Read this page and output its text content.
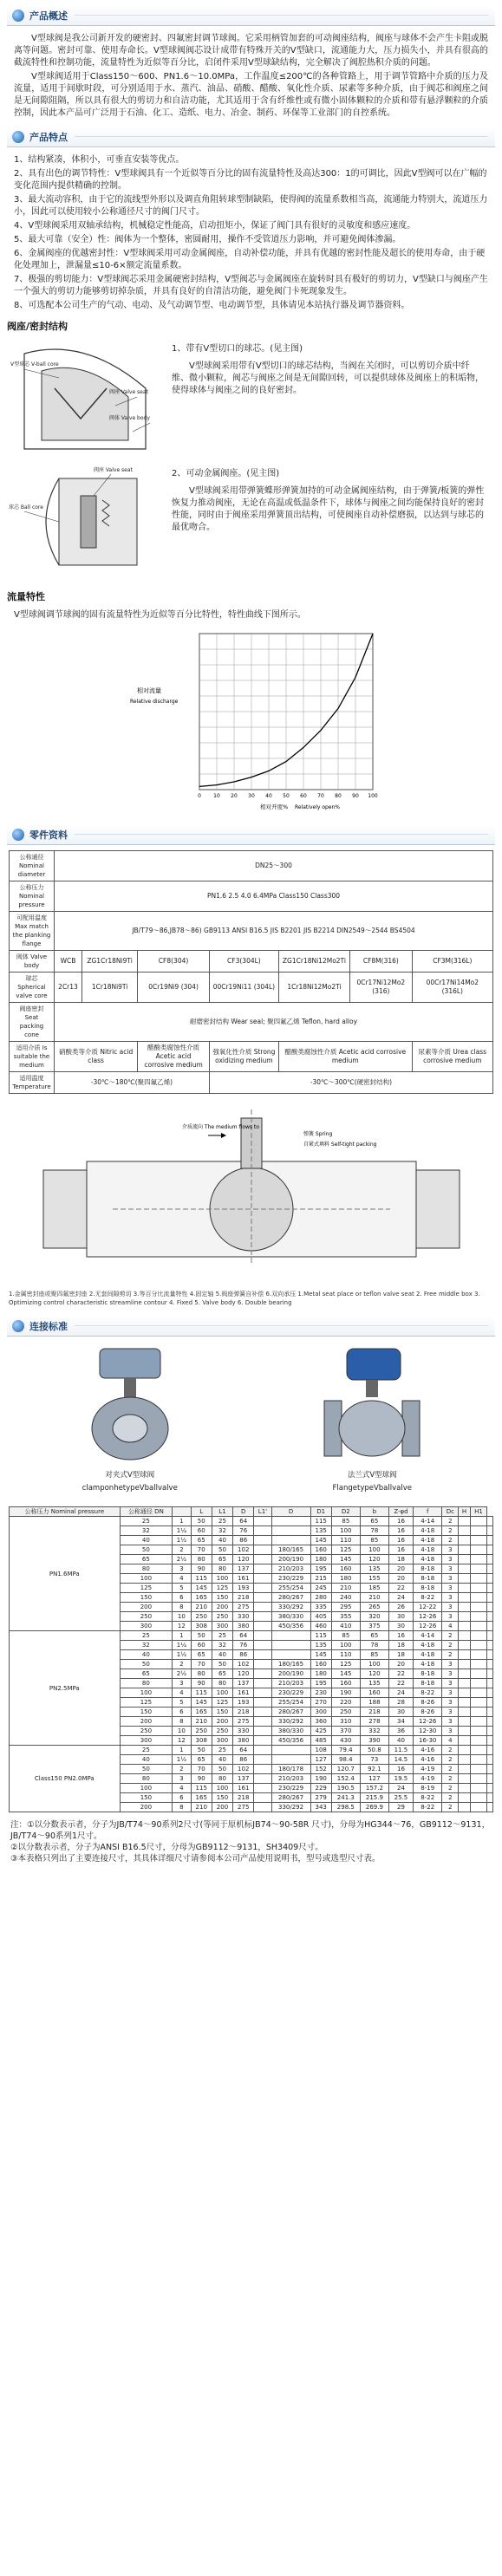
产品概述

V型球阀是我公司新开发的硬密封、四氟密封调节球阀。它采用柄管加套的可动阀座结构，阀座与球体不会产生卡阻或脱离等问题。密封可靠、使用寿命长。V型球阀阀芯设计成带有特殊开关的V型缺口，流通能力大，压力损失小，并具有很高的截流特性和控制功能，流量特性为近似等百分比，启闭件采用V型球缺结构，完全解决了阀腔热积介质的问题。

V型球阀适用于Class150～600、PN1.6～10.0MPa，工作温度≤200℃的各种管路上，用于调节管路中介质的压力及流量，适用于间歇时段，可分别适用于水、蒸汽、油品、硝酸、醋酸、氧化性介质、尿素等多种介质，由于阀芯和阀座之间是无间隙阻隔，所以具有很大的剪切力和自洁功能，尤其适用于含有纤维性或有微小固体颗粒的介质和带有悬浮颗粒的介质控制，因此本产品可广泛用于石油、化工、造纸、电力、冶金、制药、环保等工业部门的自控系统。

产品特点
1、结构紧凑，体积小，可垂直安装等优点。
2、具有出色的调节特性：V型球阀具有一个近似等百分比的固有流量特性及高达300：1的可调比，因此V型阀可以在广幅的变化范围内提供精确的控制。
3、最大流动容积，由于它的流线型外形以及调直角阻转球型制缺陷，使得阀的流量系数相当高，流通能力特别大，流道压力小，因此可以使用较小公称通径尺寸的阀门尺寸。
4、V型球阀采用双轴承结构，机械稳定性能高，启动扭矩小，保证了阀门具有很好的灵敏度和感应速度。
5、最大可靠（安全）性：阀体为一个整体，密圆耐用，操作不受管道压力影响，并可避免阀体渗漏。
6、金属阀座的优越密封性：V型球阀采用可动金属阀座，自动补偿功能，并具有优越的密封性能及超长的使用寿命，由于硬化处理加上，泄漏量≤10-6×额定流量系数。
7、极强的剪切能力：V型球阀芯采用金属硬密封结构，V型阀芯与金属阀座在旋转时具有极好的剪切力，V型缺口与阀座产生一个强大的剪切力能够剪切掉杂质，并具有良好的自清洁功能，避免阀门卡死现象发生。
8、可选配本公司生产的气动、电动、及气动调节型、电动调节型，具体请见本站执行器及调节器资料。
阀座/密封结构
V型球芯 V-ball core
阀座 Valve seat
阀体 Valve body
1、带有V型切口的球芯。(见主图)
V型球阀采用带有V型切口的球芯结构，当阀在关闭时，可以剪切介质中纤维、微小颗粒，阀芯与阀座之间是无间隙回转，可以提供球体及阀座上的积垢物，使得球体与阀座之间的良好密封。
球芯 Ball core
阀座 Valve seat	2、可动金属阀座。(见主图)
V型球阀采用带弹簧蝶形弹簧加持的可动金属阀座结构，由于弹簧/板簧的弹性恢复力推动阀座，无论在高温或低温条件下，球体与阀座之间均能保持良好的密封性能，同时由于阀座采用弹簧顶出结构，可使阀座自动补偿磨损，以达到与球芯的最优吻合。
流量特性
V型球阀调节球阀的固有流量特性为近似等百分比特性，特性曲线下图所示。
0 10 20 30 40 50 60 70 80 90 100
相对流量
Relative discharge
相对开度% Relatively open%
零件资料
公称通径 Nominal diameter	DN25～300						
公称压力 Nominal pressure	PN1.6 2.5 4.0 6.4MPa Class150 Class300						
可配用温度 Max match the planking flange	JB/T79～86,JB78～86) GB9113 ANSI B16.5 JIS B2201 JIS B2214 DIN2549～2544 BS4504						
阀体 Valve body	WCB	ZG1Cr18Ni9Ti	CF8(304)	CF3(304L)	ZG1Cr18Ni12Mo2Ti	CF8M(316)	CF3M(316L)
球芯 Spherical valve core	2Cr13	1Cr18Ni9Ti	0Cr19Ni9 (304)	00Cr19Ni11 (304L)	1Cr18Ni12Mo2Ti	0Cr17Ni12Mo2 (316)	00Cr17Ni14Mo2 (316L)
阀座密封 Seat packing cone	耐磨密封结构 Wear seal; 聚四氟乙烯 Teflon, hard alloy						
适用介质 Is suitable the medium	硝酸类等介质 Nitric acid class		醋酸类腐蚀性介质 Acetic acid corrosive medium	强氧化性介质 Strong oxidizing medium	醋酸类腐蚀性介质 Acetic acid corrosive medium		尿素等介质 Urea class corrosive medium
适用温度 Temperature	-30℃～180℃(聚四氟乙烯)			-30℃～300℃(硬密封结构)			
介质流向 The medium flows to
弹簧 Spring
自紧式填料 Self-tight packing
1.金属密封座或聚四氟密封座 2.无套间隙剪切 3.等百分比流量特性 4.固定轴 5.阀座弹簧自补偿 6.双向承压 1.Metal seat place or teflon valve seat 2. Free middle box 3. Optimizing control characteristic streamline contour 4. Fixed 5. Valve body 6. Double bearing
连接标准
对夹式V型球阀
clamponhetypeVballvalve
法兰式V型球阀
FlangetypeVballvalve
公称压力 Nominal pressure	公称通径 DN		L	L1	D	L1'	D	D1	D2	b	Z-φd	f	Dc	H	H1	
PN1.6MPa	25	1	50	25	64			115	85	65	16	4-14	2			
	32	1¼	60	32	76			135	100	78	16	4-18	2			
	40	1½	65	40	86			145	110	85	16	4-18	2			
	50	2	70	50	102		180/165	160	125	100	16	4-18	3			
	65	2½	80	65	120		200/190	180	145	120	18	4-18	3			
	80	3	90	80	137		210/203	195	160	135	20	8-18	3			
	100	4	115	100	161		230/229	215	180	155	20	8-18	3			
	125	5	145	125	193		255/254	245	210	185	22	8-18	3			
	150	6	165	150	218		280/267	280	240	210	24	8-22	3			
	200	8	210	200	275		330/292	335	295	265	26	12-22	3			
	250	10	250	250	330		380/330	405	355	320	30	12-26	3			
	300	12	308	300	380		450/356	460	410	375	30	12-26	4			
PN2.5MPa	25	1	50	25	64			115	85	65	16	4-14	2			
	32	1¼	60	32	76			135	100	78	18	4-18	2			
	40	1½	65	40	86			145	110	85	18	4-18	2			
	50	2	70	50	102		180/165	160	125	100	20	4-18	3			
	65	2½	80	65	120		200/190	180	145	120	22	8-18	3			
	80	3	90	80	137		210/203	195	160	135	22	8-18	3			
	100	4	115	100	161		230/229	230	190	160	24	8-22	3			
	125	5	145	125	193		255/254	270	220	188	28	8-26	3			
	150	6	165	150	218		280/267	300	250	218	30	8-26	3			
	200	8	210	200	275		330/292	360	310	278	34	12-26	3			
	250	10	250	250	330		380/330	425	370	332	36	12-30	3			
	300	12	308	300	380		450/356	485	430	390	40	16-30	4			
Class150 PN2.0MPa	25	1	50	25	64			108	79.4	50.8	11.5	4-16	2			
	40	1½	65	40	86			127	98.4	73	14.5	4-16	2			
	50	2	70	50	102		180/178	152	120.7	92.1	16	4-19	2			
	80	3	90	80	137		210/203	190	152.4	127	19.5	4-19	2			
	100	4	115	100	161		230/229	229	190.5	157.2	24	8-19	2			
	150	6	165	150	218		280/267	279	241.3	215.9	25.5	8-22	2			
	200	8	210	200	275		330/292	343	298.5	269.9	29	8-22	2			
注：①以分数表示者，分子为JB/T74～90系列2尺寸(等同于原机标JB74～90-58R 尺寸)，分母为HG344～76，GB9112～9131，JB/T74～90系列1尺寸。
②以分数表示者，分子为ANSI B16.5尺寸，分母为GB9112～9131，SH3409尺寸。
③本表格只列出了主要连接尺寸，其具体详细尺寸请参阅本公司产品使用说明书，型号或选型尺寸表。
